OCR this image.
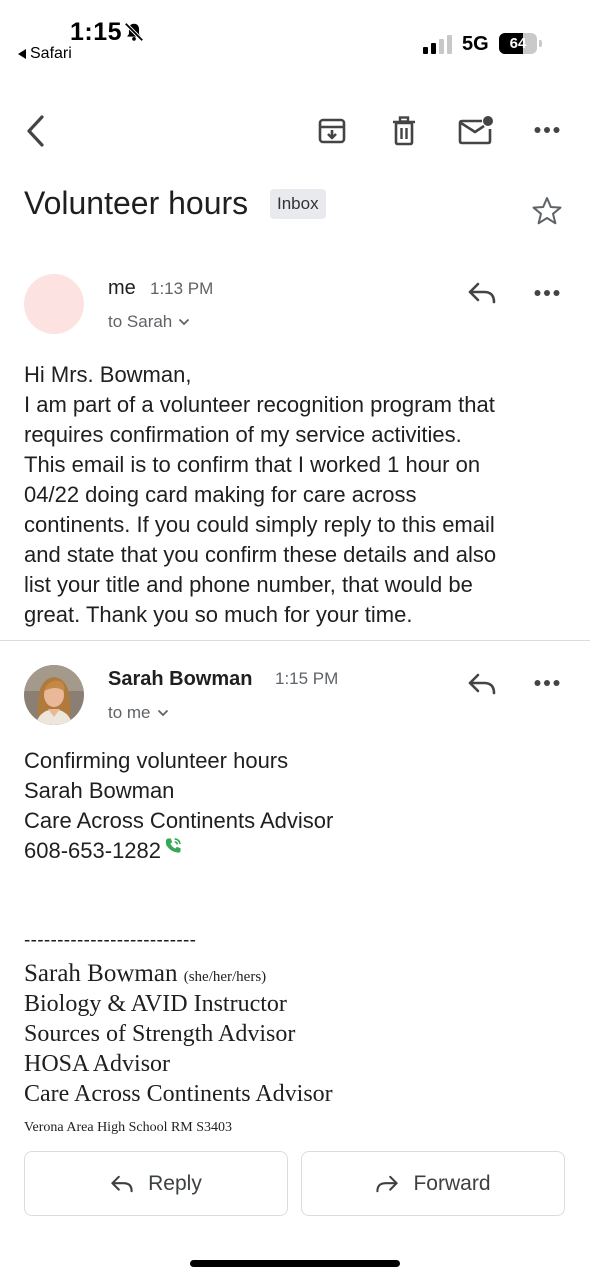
1:15
Safari	5G	64
Volunteer hours	Inbox
me 1:13 PM
to Sarah
Hi Mrs. Bowman,
I am part of a volunteer recognition program that
requires confirmation of my service activities.
This email is to confirm that I worked 1 hour on
04/22 doing card making for care across
continents. If you could simply reply to this email
and state that you confirm these details and also
list your title and phone number, that would be
great. Thank you so much for your time.
Sarah Bowman 1:15 PM
to me
Confirming volunteer hours
Sarah Bowman
Care Across Continents Advisor
608-653-1282
--------------------------
Sarah Bowman (she/her/hers)
Biology & AVID Instructor
Sources of Strength Advisor
HOSA Advisor
Care Across Continents Advisor
Verona Area High School RM S3403
Reply	Forward
